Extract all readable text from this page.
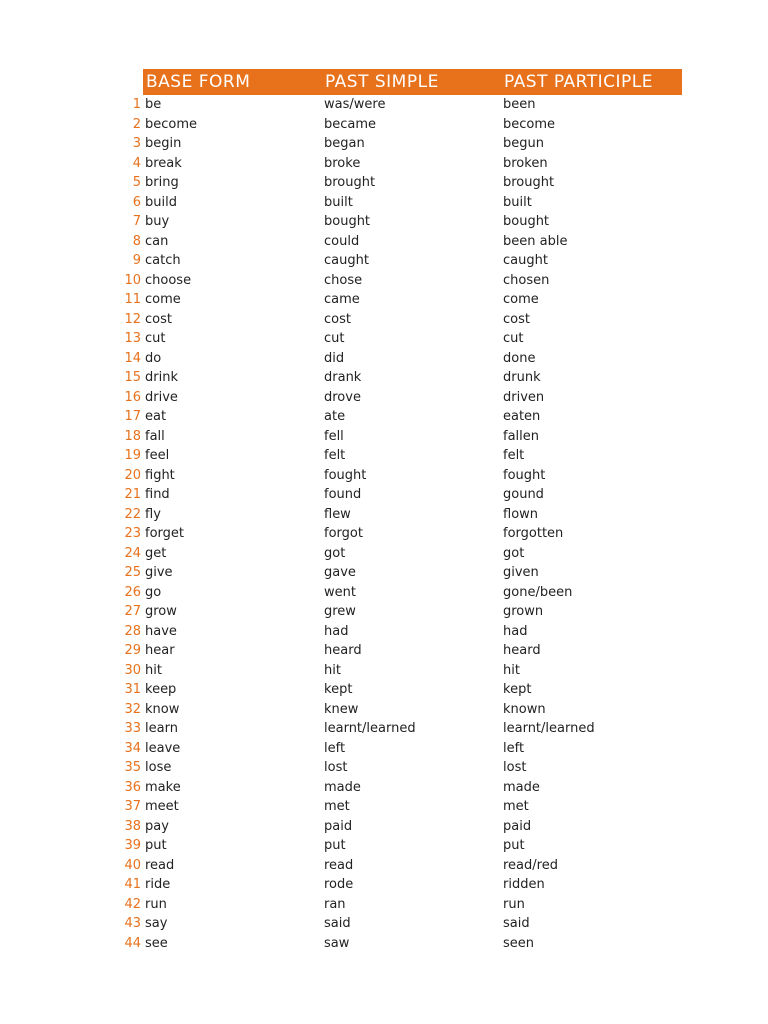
BASE FORM	PAST SIMPLE	PAST PARTICIPLE
1 be	was/were	been
2 become	became	become
3 begin	began	begun
4 break	broke	broken
5 bring	brought	brought
6 build	built	built
7 buy	bought	bought
8 can	could	been able
9 catch	caught	caught
10 choose	chose	chosen
11 come	came	come
12 cost	cost	cost
13 cut	cut	cut
14 do	did	done
15 drink	drank	drunk
16 drive	drove	driven
17 eat	ate	eaten
18 fall	fell	fallen
19 feel	felt	felt
20 fight	fought	fought
21 find	found	gound
22 fly	flew	flown
23 forget	forgot	forgotten
24 get	got	got
25 give	gave	given
26 go	went	gone/been
27 grow	grew	grown
28 have	had	had
29 hear	heard	heard
30 hit	hit	hit
31 keep	kept	kept
32 know	knew	known
33 learn	learnt/learned	learnt/learned
34 leave	left	left
35 lose	lost	lost
36 make	made	made
37 meet	met	met
38 pay	paid	paid
39 put	put	put
40 read	read	read/red
41 ride	rode	ridden
42 run	ran	run
43 say	said	said
44 see	saw	seen
